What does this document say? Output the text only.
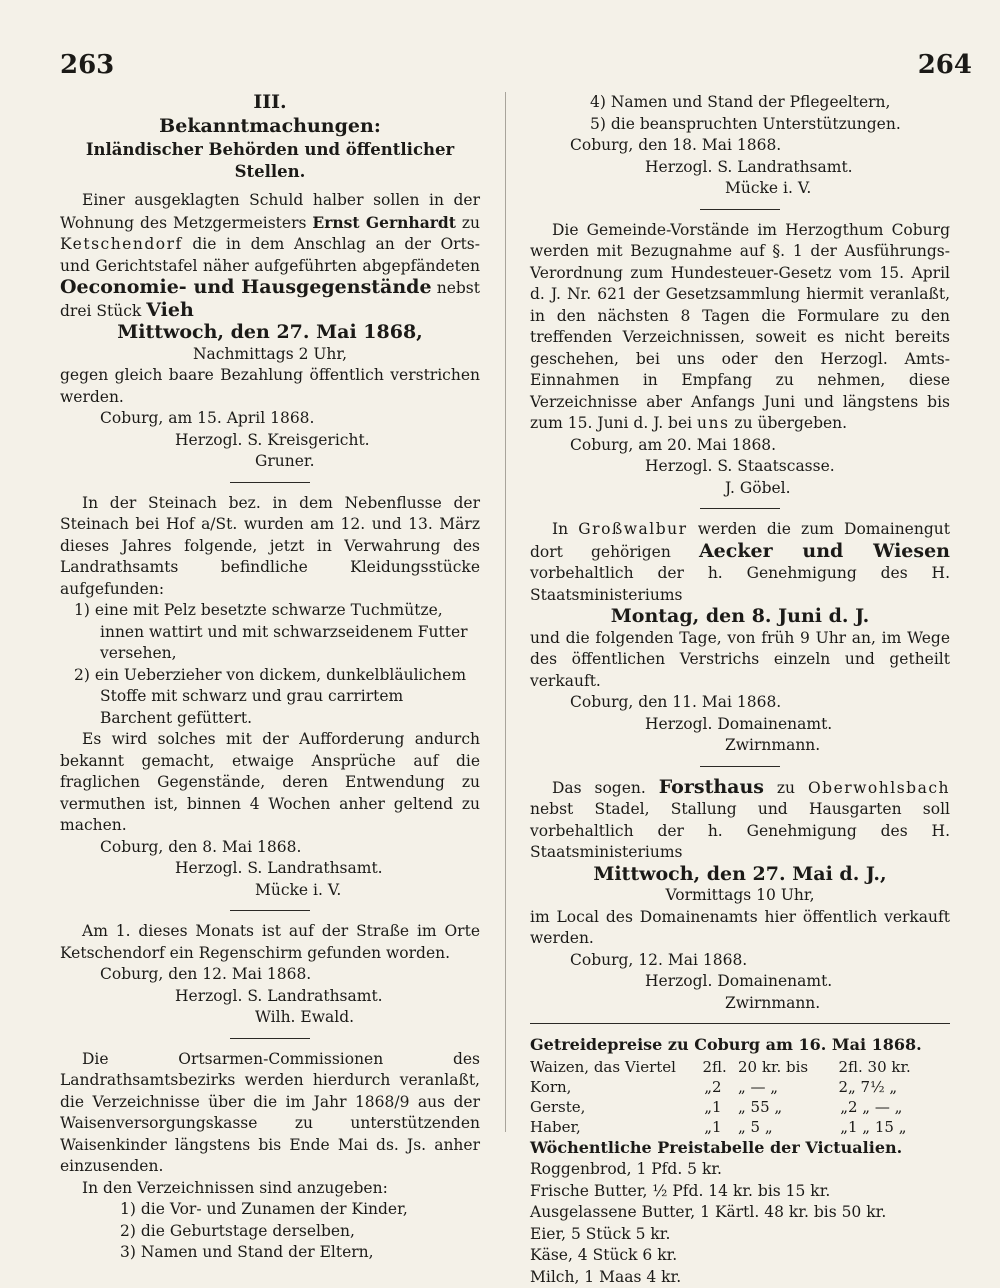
263	264
III.
Bekanntmachungen:
Inländischer Behörden und öffentlicher Stellen.

Einer ausgeklagten Schuld halber sollen in der Wohnung des Metzgermeisters Ernst Gernhardt zu Ketschendorf die in dem Anschlag an der Orts- und Gerichtstafel näher aufgeführten abgepfändeten Oeconomie- und Hausgegenstände nebst drei Stück Vieh

Mittwoch, den 27. Mai 1868,

Nachmittags 2 Uhr,

gegen gleich baare Bezahlung öffentlich verstrichen werden.

Coburg, am 15. April 1868.

Herzogl. S. Kreisgericht.

Gruner.

In der Steinach bez. in dem Nebenflusse der Steinach bei Hof a/St. wurden am 12. und 13. März dieses Jahres folgende, jetzt in Verwahrung des Landrathsamts befindliche Kleidungsstücke aufgefunden:

1) eine mit Pelz besetzte schwarze Tuchmütze, innen wattirt und mit schwarzseidenem Futter versehen,

2) ein Ueberzieher von dickem, dunkelbläulichem Stoffe mit schwarz und grau carrirtem Barchent gefüttert.

Es wird solches mit der Aufforderung andurch bekannt gemacht, etwaige Ansprüche auf die fraglichen Gegenstände, deren Entwendung zu vermuthen ist, binnen 4 Wochen anher geltend zu machen.

Coburg, den 8. Mai 1868.

Herzogl. S. Landrathsamt.

Mücke i. V.

Am 1. dieses Monats ist auf der Straße im Orte Ketschendorf ein Regenschirm gefunden worden.

Coburg, den 12. Mai 1868.

Herzogl. S. Landrathsamt.

Wilh. Ewald.

Die Ortsarmen-Commissionen des Landrathsamtsbezirks werden hierdurch veranlaßt, die Verzeichnisse über die im Jahr 1868/9 aus der Waisenversorgungskasse zu unterstützenden Waisenkinder längstens bis Ende Mai ds. Js. anher einzusenden.

In den Verzeichnissen sind anzugeben:

1) die Vor- und Zunamen der Kinder,

2) die Geburtstage derselben,

3) Namen und Stand der Eltern,

4) Namen und Stand der Pflegeeltern,

5) die beanspruchten Unterstützungen.

Coburg, den 18. Mai 1868.

Herzogl. S. Landrathsamt.

Mücke i. V.

Die Gemeinde-Vorstände im Herzogthum Coburg werden mit Bezugnahme auf §. 1 der Ausführungs-Verordnung zum Hundesteuer-Gesetz vom 15. April d. J. Nr. 621 der Gesetzsammlung hiermit veranlaßt, in den nächsten 8 Tagen die Formulare zu den treffenden Verzeichnissen, soweit es nicht bereits geschehen, bei uns oder den Herzogl. Amts-Einnahmen in Empfang zu nehmen, diese Verzeichnisse aber Anfangs Juni und längstens bis zum 15. Juni d. J. bei uns zu übergeben.

Coburg, am 20. Mai 1868.

Herzogl. S. Staatscasse.

J. Göbel.

In Großwalbur werden die zum Domainengut dort gehörigen Aecker und Wiesen vorbehaltlich der h. Genehmigung des H. Staatsministeriums

Montag, den 8. Juni d. J.

und die folgenden Tage, von früh 9 Uhr an, im Wege des öffentlichen Verstrichs einzeln und getheilt verkauft.

Coburg, den 11. Mai 1868.

Herzogl. Domainenamt.

Zwirnmann.

Das sogen. Forsthaus zu Oberwohlsbach nebst Stadel, Stallung und Hausgarten soll vorbehaltlich der h. Genehmigung des H. Staatsministeriums

Mittwoch, den 27. Mai d. J.,

Vormittags 10 Uhr,

im Local des Domainenamts hier öffentlich verkauft werden.

Coburg, 12. Mai 1868.

Herzogl. Domainenamt.

Zwirnmann.

Getreidepreise zu Coburg am 16. Mai 1868.

Waizen, das Viertel	2 fl. 20 kr. bis	2 fl. 30 kr.
Korn,	„ 2	„ — „	2 „ 7½ „
Gerste,	„ 1	„ 55 „	„ 2 „ — „
Haber,	„ 1	„ 5 „	„ 1 „ 15 „

Wöchentliche Preistabelle der Victualien.

Roggenbrod, 1 Pfd. 5 kr.

Frische Butter, ½ Pfd. 14 kr. bis 15 kr.

Ausgelassene Butter, 1 Kärtl. 48 kr. bis 50 kr.

Eier, 5 Stück 5 kr.

Käse, 4 Stück 6 kr.

Milch, 1 Maas 4 kr.
